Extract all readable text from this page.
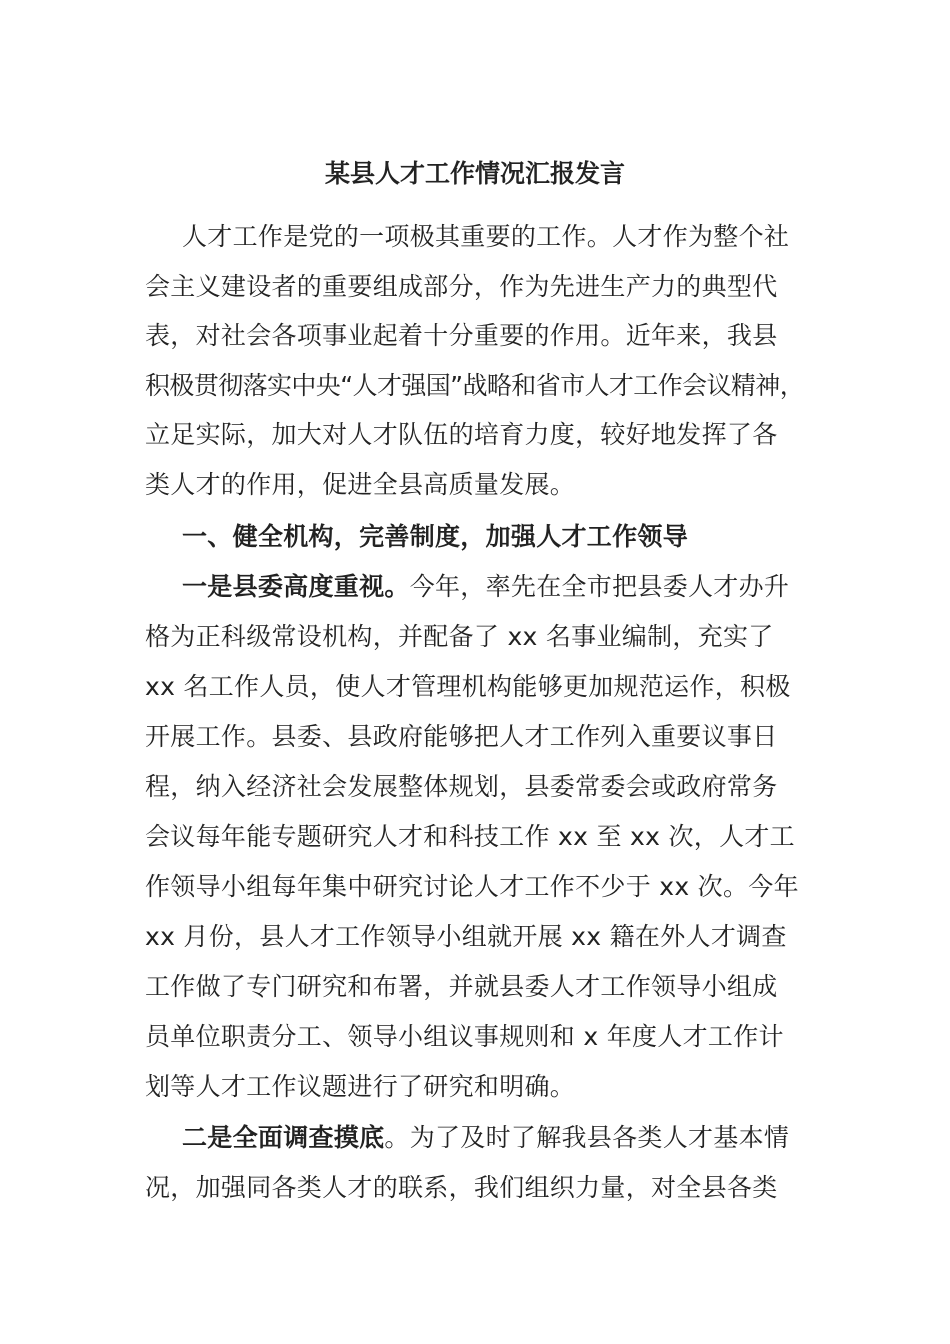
某县人才工作情况汇报发言
人才工作是党的一项极其重要的工作。人才作为整个社
会主义建设者的重要组成部分，作为先进生产力的典型代
表，对社会各项事业起着十分重要的作用。近年来，我县
积极贯彻落实中央“人才强国”战略和省市人才工作会议精神，
立足实际，加大对人才队伍的培育力度，较好地发挥了各
类人才的作用，促进全县高质量发展。
一、健全机构，完善制度，加强人才工作领导
一是县委高度重视。今年，率先在全市把县委人才办升
格为正科级常设机构，并配备了 xx 名事业编制，充实了
xx 名工作人员，使人才管理机构能够更加规范运作，积极
开展工作。县委、县政府能够把人才工作列入重要议事日
程，纳入经济社会发展整体规划，县委常委会或政府常务
会议每年能专题研究人才和科技工作 xx 至 xx 次，人才工
作领导小组每年集中研究讨论人才工作不少于 xx 次。今年
xx 月份，县人才工作领导小组就开展 xx 籍在外人才调查
工作做了专门研究和布署，并就县委人才工作领导小组成
员单位职责分工、领导小组议事规则和 x 年度人才工作计
划等人才工作议题进行了研究和明确。
二是全面调查摸底。为了及时了解我县各类人才基本情
况，加强同各类人才的联系，我们组织力量，对全县各类
